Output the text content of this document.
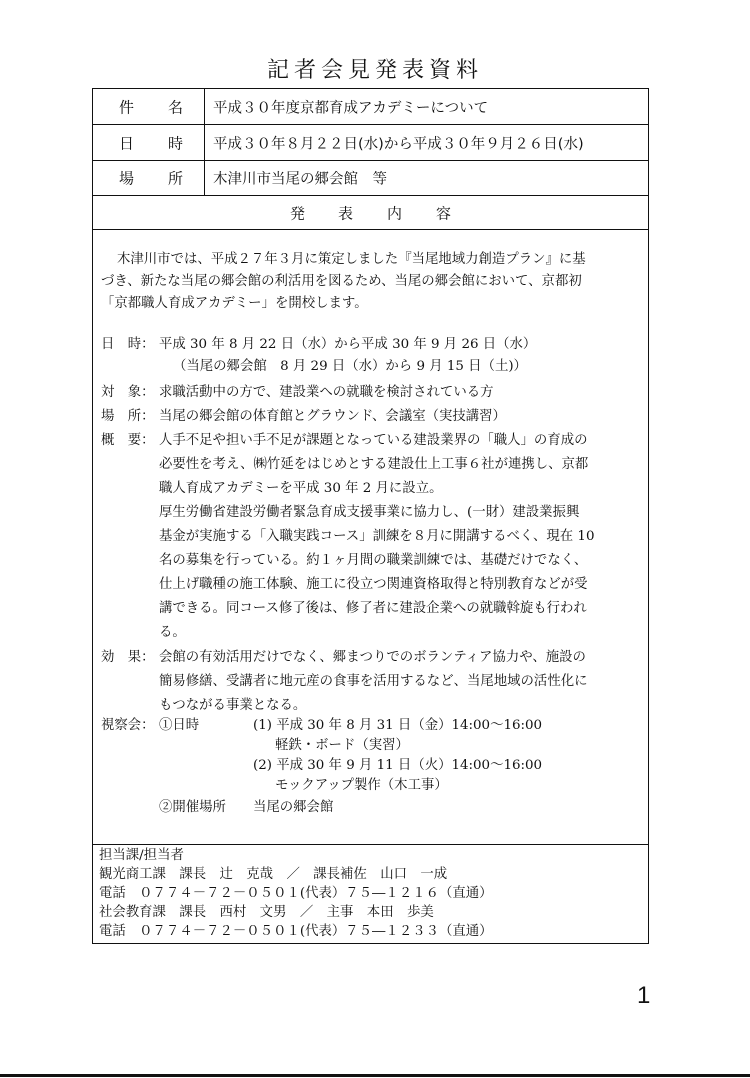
記者会見発表資料
件 名 平成３０年度京都育成アカデミーについて
日 時 平成３０年８月２２日(水)から平成３０年９月２６日(水)
場 所 木津川市当尾の郷会館　等
発 表 内 容
木津川市では、平成２７年３月に策定しました『当尾地域力創造プラン』に基
づき、新たな当尾の郷会館の利活用を図るため、当尾の郷会館において、京都初
「京都職人育成アカデミー」を開校します。
日　時： 平成 30 年 8 月 22 日（水）から平成 30 年 9 月 26 日（水）
（当尾の郷会館　8 月 29 日（水）から 9 月 15 日（土)）
対　象： 求職活動中の方で、建設業への就職を検討されている方
場　所： 当尾の郷会館の体育館とグラウンド、会議室（実技講習）
概　要： 人手不足や担い手不足が課題となっている建設業界の「職人」の育成の
必要性を考え、㈱竹延をはじめとする建設仕上工事６社が連携し、京都
職人育成アカデミーを平成 30 年 2 月に設立。
厚生労働省建設労働者緊急育成支援事業に協力し、(一財）建設業振興
基金が実施する「入職実践コース」訓練を８月に開講するべく、現在 10
名の募集を行っている。約１ヶ月間の職業訓練では、基礎だけでなく、
仕上げ職種の施工体験、施工に役立つ関連資格取得と特別教育などが受
講できる。同コース修了後は、修了者に建設企業への就職斡旋も行われ
る。
効　果： 会館の有効活用だけでなく、郷まつりでのボランティア協力や、施設の
簡易修繕、受講者に地元産の食事を活用するなど、当尾地域の活性化に
もつながる事業となる。
視察会： ①日時	(1) 平成 30 年 8 月 31 日（金）14:00～16:00
軽鉄・ボード（実習）
(2) 平成 30 年 9 月 11 日（火）14:00～16:00
モックアップ製作（木工事）
②開催場所 当尾の郷会館
担当課/担当者
観光商工課　課長　辻　克哉　／　課長補佐　山口　一成
電話　０７７４－７２－０５０１(代表）７５―１２１６（直通）
社会教育課　課長　西村　文男　／　主事　本田　歩美
電話　０７７４－７２－０５０１(代表）７５―１２３３（直通）
1
